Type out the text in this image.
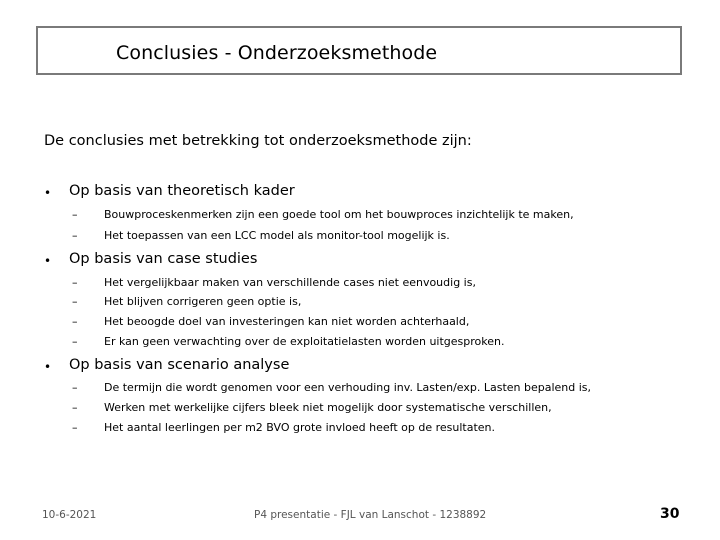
Conclusies - Onderzoeksmethode
De conclusies met betrekking tot onderzoeksmethode zijn:
• Op basis van theoretisch kader
– Bouwproceskenmerken zijn een goede tool om het bouwproces inzichtelijk te maken,
– Het toepassen van een LCC model als monitor-tool mogelijk is.
• Op basis van case studies
– Het vergelijkbaar maken van verschillende cases niet eenvoudig is,
– Het blijven corrigeren geen optie is,
– Het beoogde doel van investeringen kan niet worden achterhaald,
– Er kan geen verwachting over de exploitatielasten worden uitgesproken.
• Op basis van scenario analyse
– De termijn die wordt genomen voor een verhouding inv. Lasten/exp. Lasten bepalend is,
– Werken met werkelijke cijfers bleek niet mogelijk door systematische verschillen,
– Het aantal leerlingen per m2 BVO grote invloed heeft op de resultaten.
10-6-2021	P4 presentatie - FJL van Lanschot - 1238892	30
